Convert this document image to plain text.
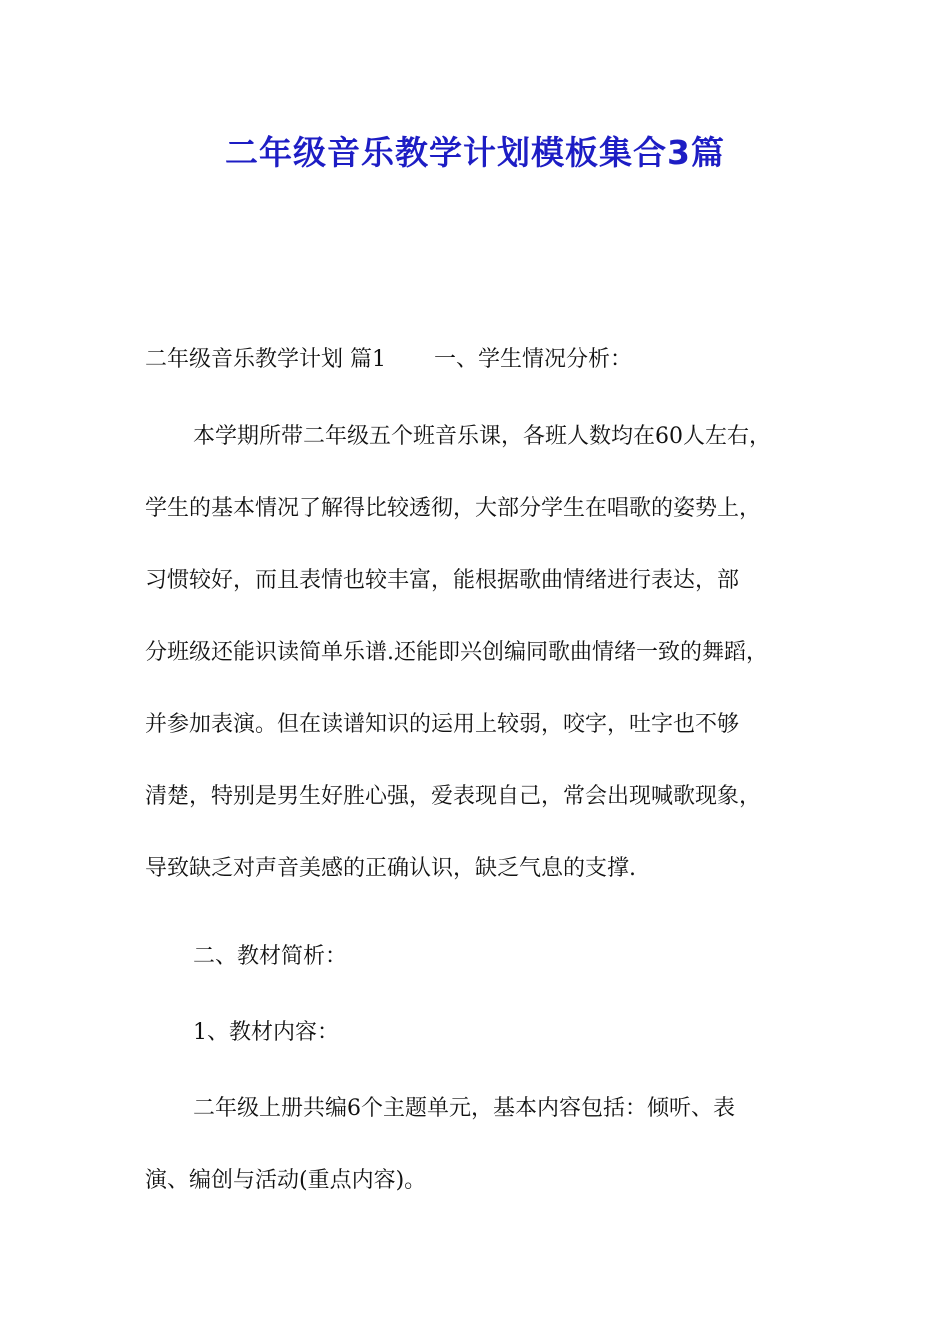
二年级音乐教学计划模板集合3篇

二年级音乐教学计划 篇1 一、学生情况分析：

本学期所带二年级五个班音乐课，各班人数均在60人左右，

学生的基本情况了解得比较透彻，大部分学生在唱歌的姿势上，

习惯较好，而且表情也较丰富，能根据歌曲情绪进行表达，部

分班级还能识读简单乐谱.还能即兴创编同歌曲情绪一致的舞蹈，

并参加表演。但在读谱知识的运用上较弱，咬字，吐字也不够

清楚，特别是男生好胜心强，爱表现自己，常会出现喊歌现象，

导致缺乏对声音美感的正确认识，缺乏气息的支撑.

二、教材简析：

1、教材内容：

二年级上册共编6个主题单元，基本内容包括：倾听、表

演、编创与活动(重点内容)。
